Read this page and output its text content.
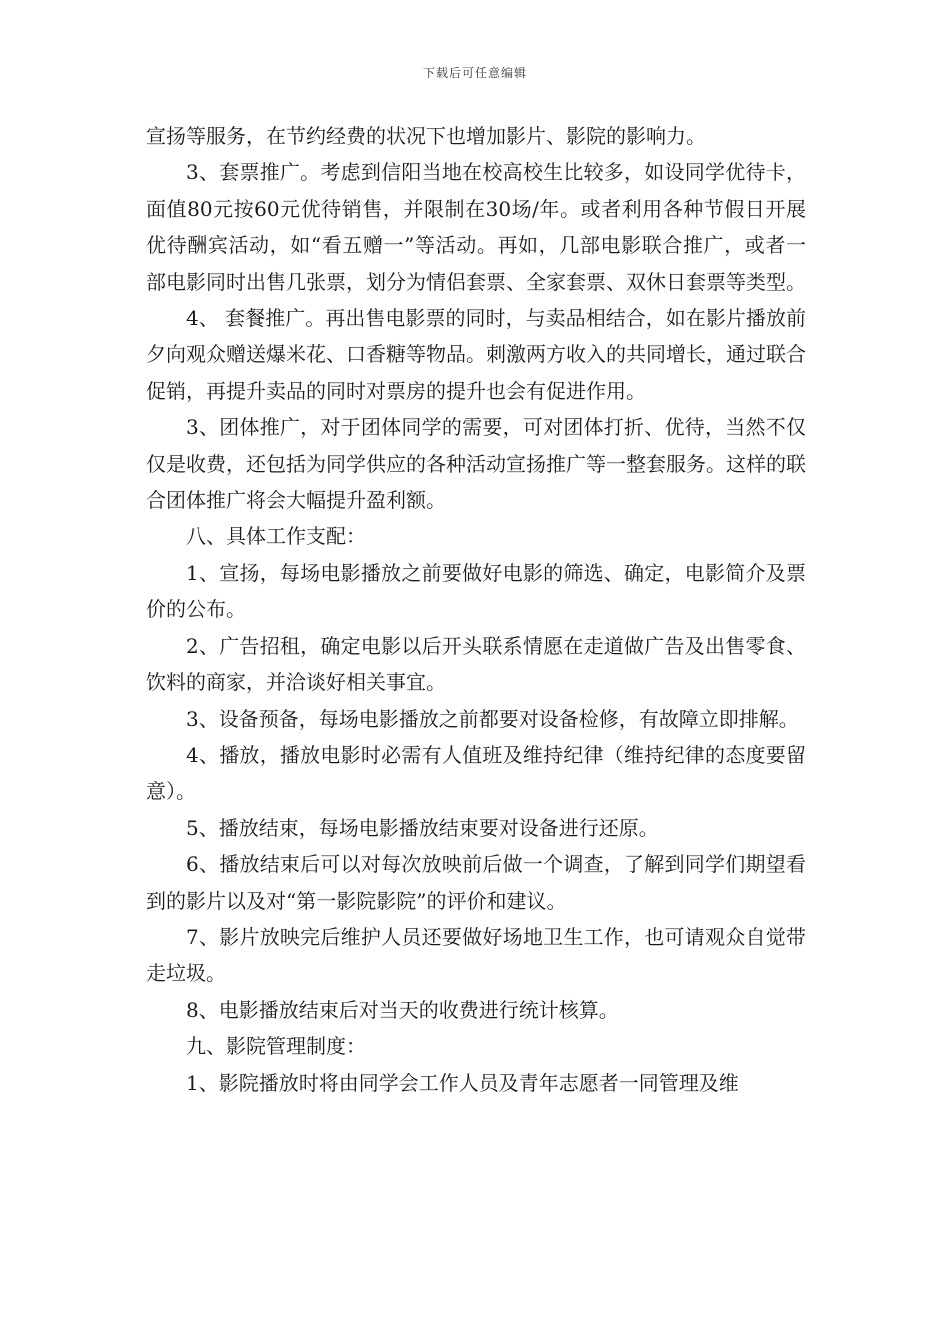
下载后可任意编辑

宣扬等服务，在节约经费的状况下也增加影片、影院的影响力。

3、套票推广。考虑到信阳当地在校高校生比较多，如设同学优待卡，面值80元按60元优待销售，并限制在30场/年。或者利用各种节假日开展优待酬宾活动，如“看五赠一”等活动。再如，几部电影联合推广，或者一部电影同时出售几张票，划分为情侣套票、全家套票、双休日套票等类型。

4、 套餐推广。再出售电影票的同时，与卖品相结合，如在影片播放前夕向观众赠送爆米花、口香糖等物品。刺激两方收入的共同增长，通过联合促销，再提升卖品的同时对票房的提升也会有促进作用。

3、团体推广，对于团体同学的需要，可对团体打折、优待，当然不仅仅是收费，还包括为同学供应的各种活动宣扬推广等一整套服务。这样的联合团体推广将会大幅提升盈利额。

八、具体工作支配：

1、宣扬，每场电影播放之前要做好电影的筛选、确定，电影简介及票价的公布。

2、广告招租，确定电影以后开头联系情愿在走道做广告及出售零食、饮料的商家，并洽谈好相关事宜。

3、设备预备，每场电影播放之前都要对设备检修，有故障立即排解。

4、播放，播放电影时必需有人值班及维持纪律（维持纪律的态度要留意）。

5、播放结束，每场电影播放结束要对设备进行还原。

6、播放结束后可以对每次放映前后做一个调查，了解到同学们期望看到的影片以及对“第一影院影院”的评价和建议。

7、影片放映完后维护人员还要做好场地卫生工作，也可请观众自觉带走垃圾。

8、电影播放结束后对当天的收费进行统计核算。

九、影院管理制度：

1、影院播放时将由同学会工作人员及青年志愿者一同管理及维
